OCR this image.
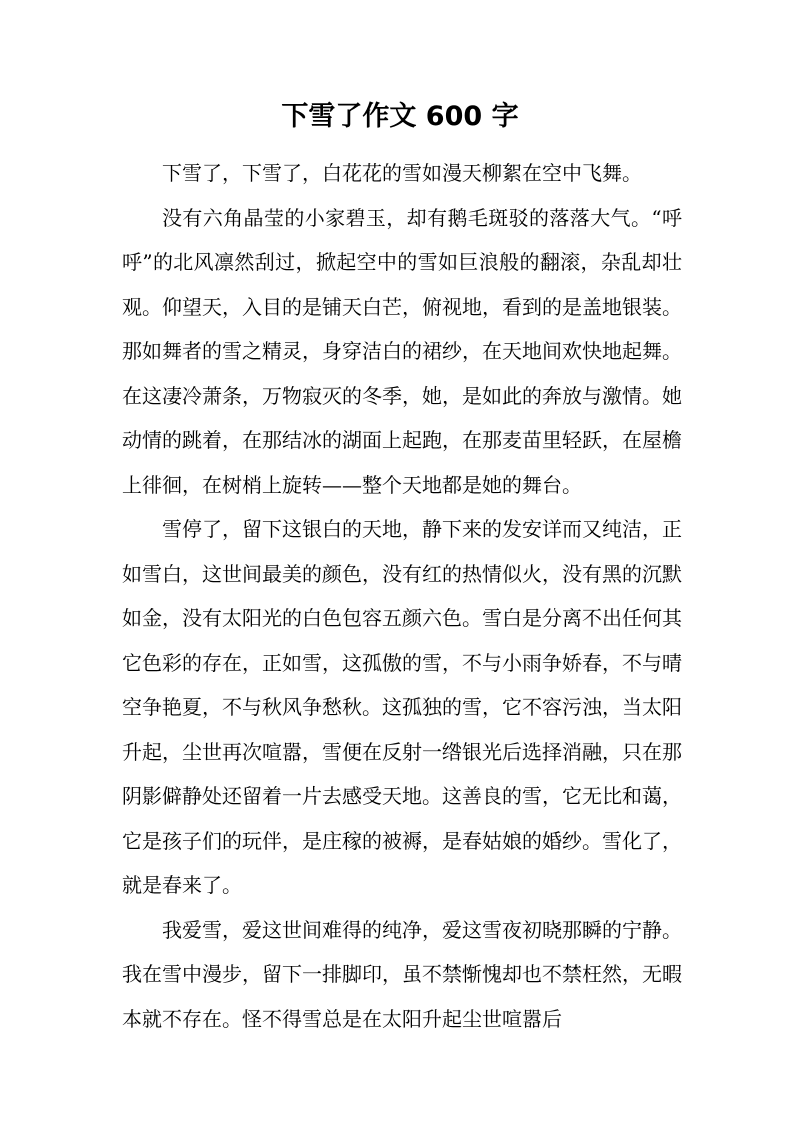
下雪了作文 600 字

下雪了，下雪了，白花花的雪如漫天柳絮在空中飞舞。

没有六角晶莹的小家碧玉，却有鹅毛斑驳的落落大气。“呼呼”的北风凛然刮过，掀起空中的雪如巨浪般的翻滚，杂乱却壮观。仰望天，入目的是铺天白芒，俯视地，看到的是盖地银装。那如舞者的雪之精灵，身穿洁白的裙纱，在天地间欢快地起舞。在这凄冷萧条，万物寂灭的冬季，她，是如此的奔放与激情。她动情的跳着，在那结冰的湖面上起跑，在那麦苗里轻跃，在屋檐上徘徊，在树梢上旋转——整个天地都是她的舞台。

雪停了，留下这银白的天地，静下来的发安详而又纯洁，正如雪白，这世间最美的颜色，没有红的热情似火，没有黑的沉默如金，没有太阳光的白色包容五颜六色。雪白是分离不出任何其它色彩的存在，正如雪，这孤傲的雪，不与小雨争娇春，不与晴空争艳夏，不与秋风争愁秋。这孤独的雪，它不容污浊，当太阳升起，尘世再次喧嚣，雪便在反射一绺银光后选择消融，只在那阴影僻静处还留着一片去感受天地。这善良的雪，它无比和蔼，它是孩子们的玩伴，是庄稼的被褥，是春姑娘的婚纱。雪化了，就是春来了。

我爱雪，爱这世间难得的纯净，爱这雪夜初晓那瞬的宁静。我在雪中漫步，留下一排脚印，虽不禁惭愧却也不禁枉然，无暇本就不存在。怪不得雪总是在太阳升起尘世喧嚣后
